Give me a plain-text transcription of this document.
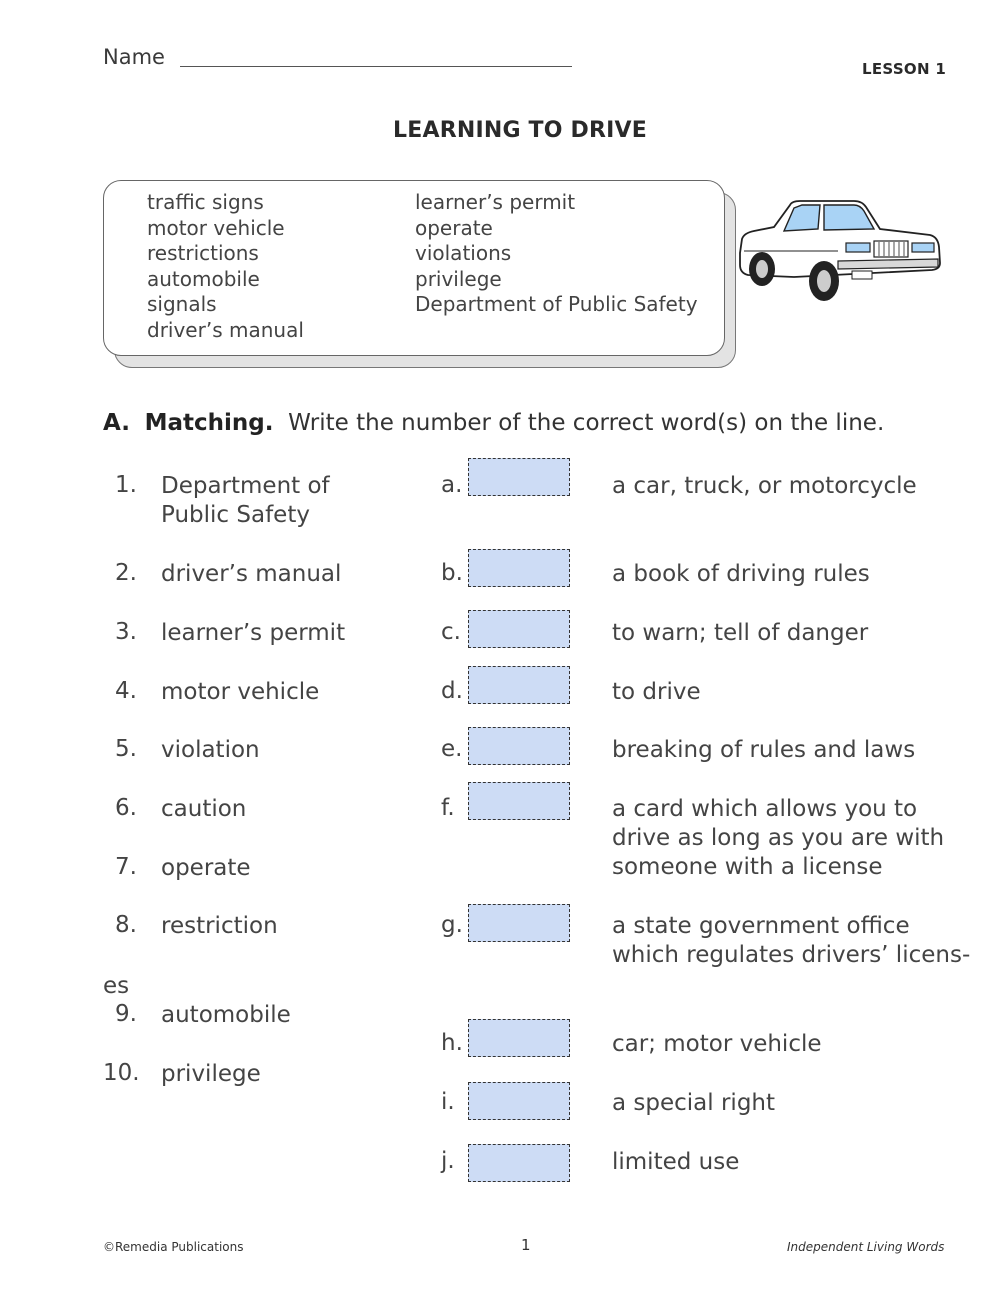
Name	LESSON 1
LEARNING TO DRIVE
traffic signs
motor vehicle
restrictions
automobile
signals
driver’s manual
learner’s permit
operate
violations
privilege
Department of Public Safety
A. Matching. Write the number of the correct word(s) on the line.
1. Department of
Public Safety
2. driver’s manual
3. learner’s permit
4. motor vehicle
5. violation
6. caution
7. operate
8. restriction
es
9. automobile
10. privilege
a.	a car, truck, or motorcycle
b.	a book of driving rules
c.	to warn; tell of danger
d.	to drive
e.	breaking of rules and laws
f.	a card which allows you to
drive as long as you are with
someone with a license
g.	a state government office
which regulates drivers’ licens-
h.	car; motor vehicle
i.	a special right
j.	limited use
©Remedia Publications	1	Independent Living Words
